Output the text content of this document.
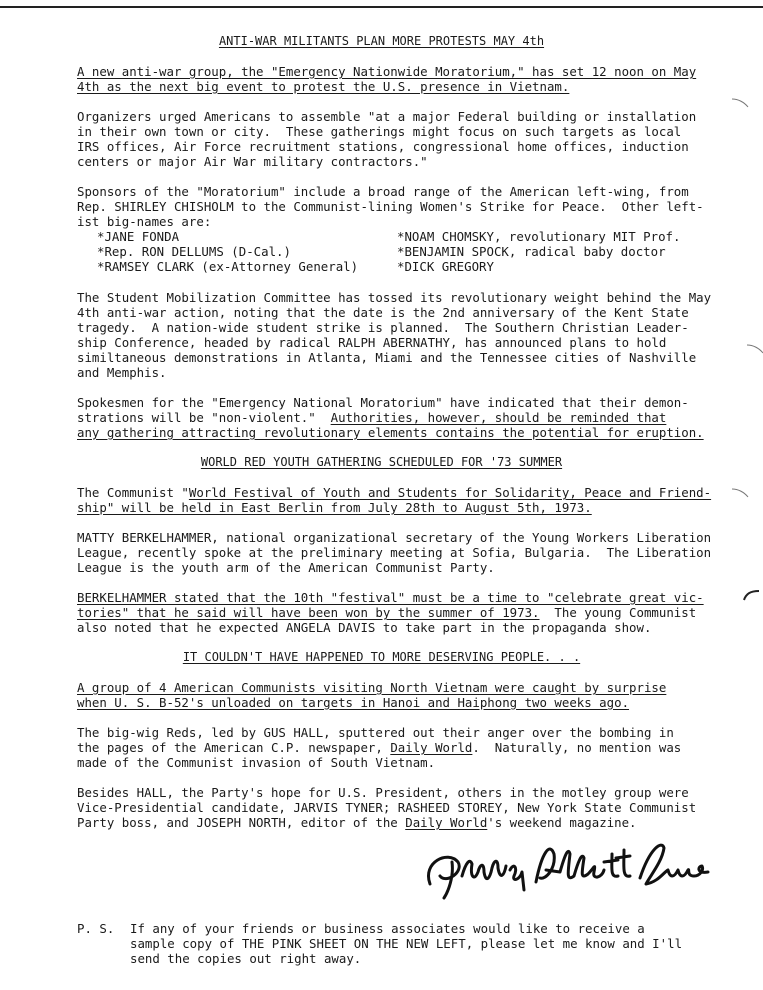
ANTI-WAR MILITANTS PLAN MORE PROTESTS MAY 4th
A new anti-war group, the "Emergency Nationwide Moratorium," has set 12 noon on May
4th as the next big event to protest the U.S. presence in Vietnam.
Organizers urged Americans to assemble "at a major Federal building or installation
in their own town or city.  These gatherings might focus on such targets as local
IRS offices, Air Force recruitment stations, congressional home offices, induction
centers or major Air War military contractors."
Sponsors of the "Moratorium" include a broad range of the American left-wing, from
Rep. SHIRLEY CHISHOLM to the Communist-lining Women's Strike for Peace.  Other left-
ist big-names are:
*JANE FONDA	*NOAM CHOMSKY, revolutionary MIT Prof.
*Rep. RON DELLUMS (D-Cal.)	*BENJAMIN SPOCK, radical baby doctor
*RAMSEY CLARK (ex-Attorney General)	*DICK GREGORY
The Student Mobilization Committee has tossed its revolutionary weight behind the May
4th anti-war action, noting that the date is the 2nd anniversary of the Kent State
tragedy.  A nation-wide student strike is planned.  The Southern Christian Leader-
ship Conference, headed by radical RALPH ABERNATHY, has announced plans to hold
similtaneous demonstrations in Atlanta, Miami and the Tennessee cities of Nashville
and Memphis.
Spokesmen for the "Emergency National Moratorium" have indicated that their demon-
strations will be "non-violent."  Authorities, however, should be reminded that
any gathering attracting revolutionary elements contains the potential for eruption.
WORLD RED YOUTH GATHERING SCHEDULED FOR '73 SUMMER
The Communist "World Festival of Youth and Students for Solidarity, Peace and Friend-
ship" will be held in East Berlin from July 28th to August 5th, 1973.
MATTY BERKELHAMMER, national organizational secretary of the Young Workers Liberation
League, recently spoke at the preliminary meeting at Sofia, Bulgaria.  The Liberation
League is the youth arm of the American Communist Party.
BERKELHAMMER stated that the 10th "festival" must be a time to "celebrate great vic-
tories" that he said will have been won by the summer of 1973.  The young Communist
also noted that he expected ANGELA DAVIS to take part in the propaganda show.
IT COULDN'T HAVE HAPPENED TO MORE DESERVING PEOPLE. . .
A group of 4 American Communists visiting North Vietnam were caught by surprise
when U. S. B-52's unloaded on targets in Hanoi and Haiphong two weeks ago.
The big-wig Reds, led by GUS HALL, sputtered out their anger over the bombing in
the pages of the American C.P. newspaper, Daily World.  Naturally, no mention was
made of the Communist invasion of South Vietnam.
Besides HALL, the Party's hope for U.S. President, others in the motley group were
Vice-Presidential candidate, JARVIS TYNER; RASHEED STOREY, New York State Communist
Party boss, and JOSEPH NORTH, editor of the Daily World's weekend magazine.
P. S.	If any of your friends or business associates would like to receive a
sample copy of THE PINK SHEET ON THE NEW LEFT, please let me know and I'll
send the copies out right away.
